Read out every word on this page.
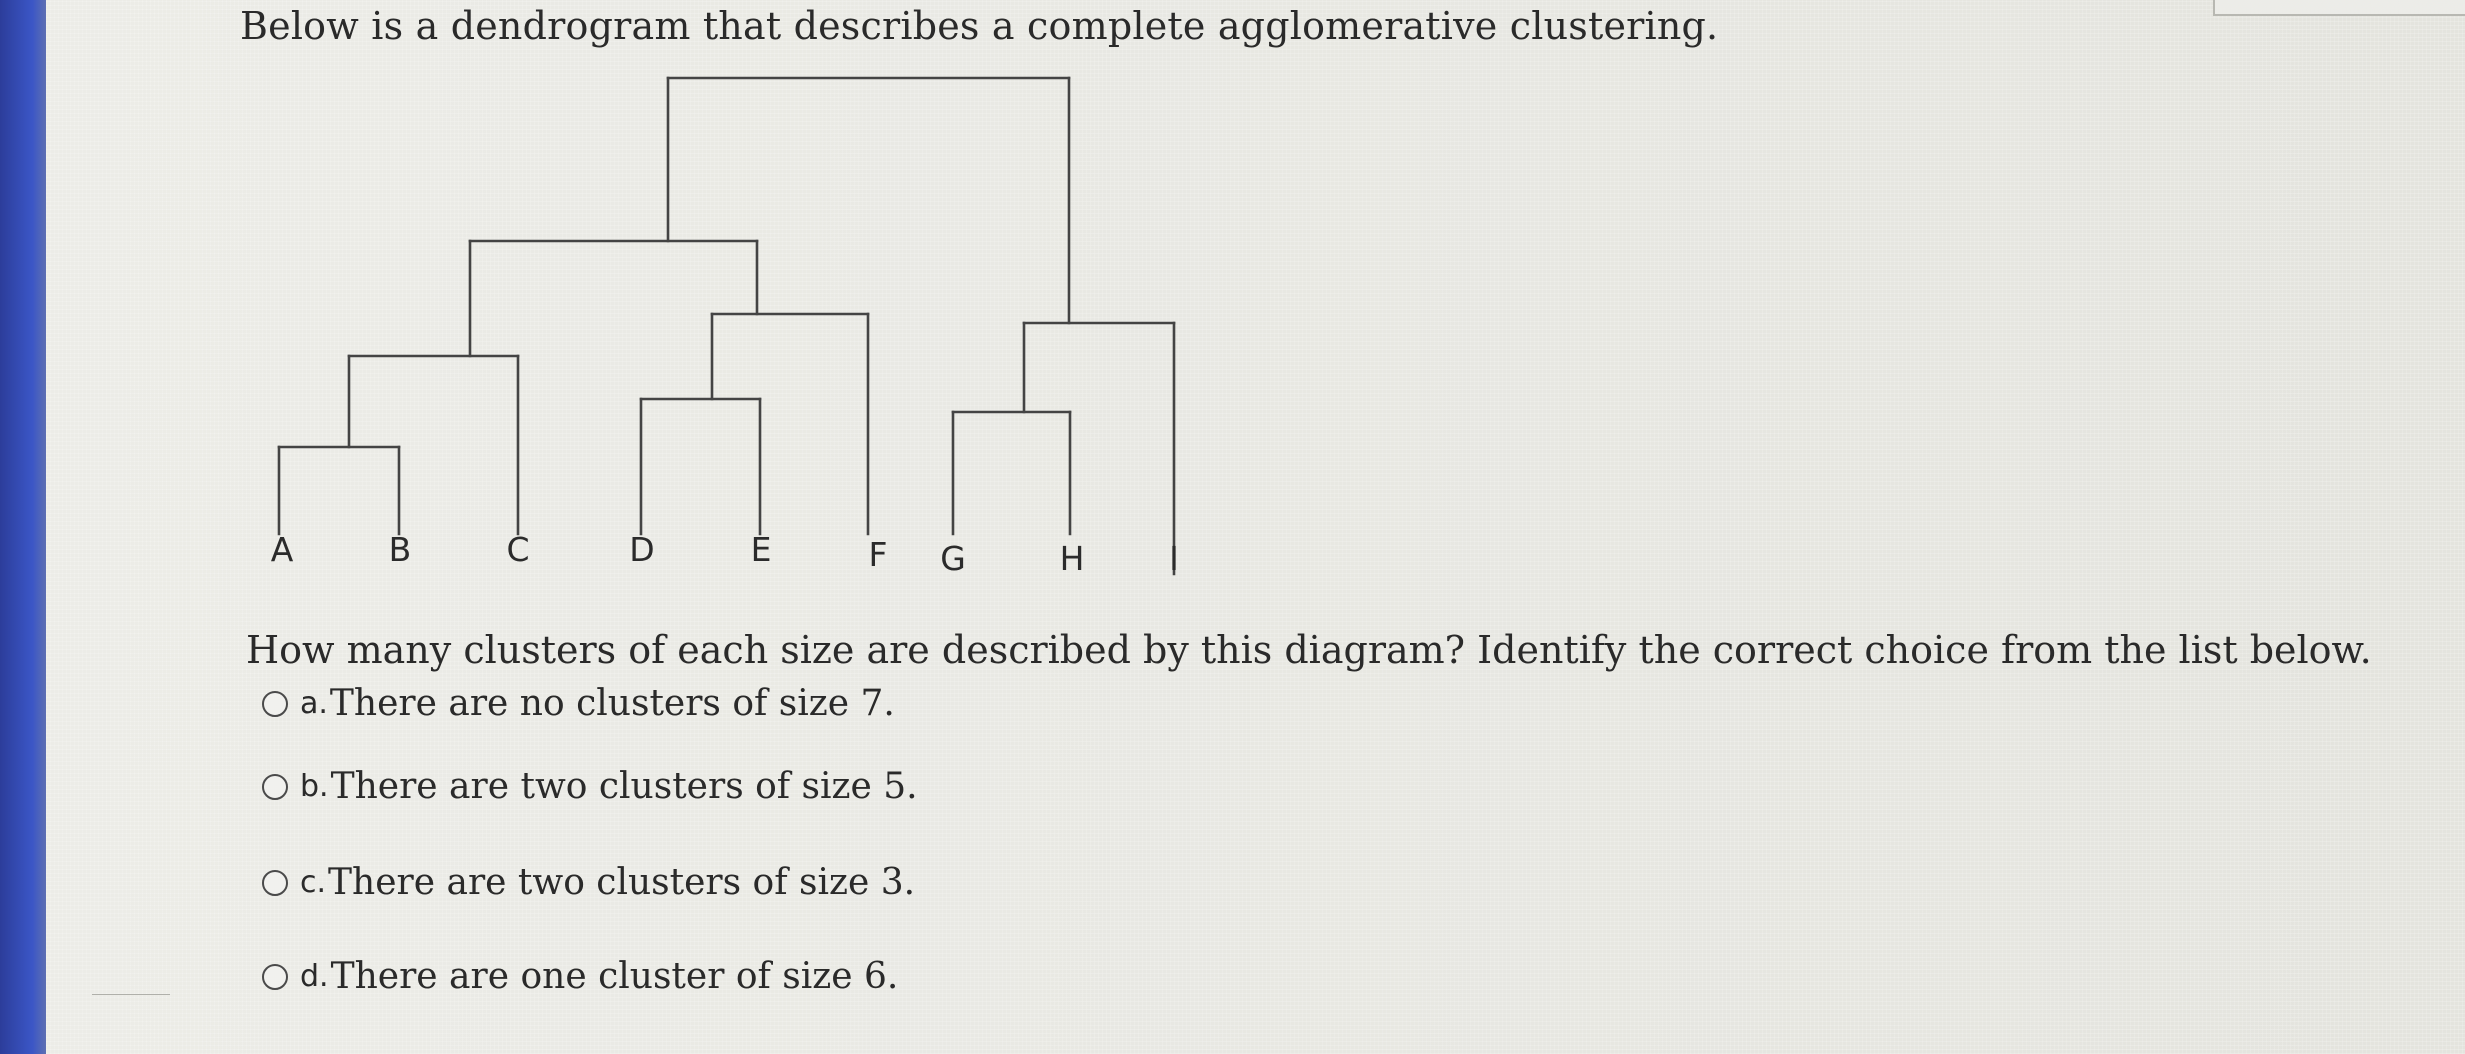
Below is a dendrogram that describes a complete agglomerative clustering.
A	B	C	D	E	F	G	H	I
How many clusters of each size are described by this diagram? Identify the correct choice from the list below.
a. There are no clusters of size 7.
b. There are two clusters of size 5.
c. There are two clusters of size 3.
d. There are one cluster of size 6.
